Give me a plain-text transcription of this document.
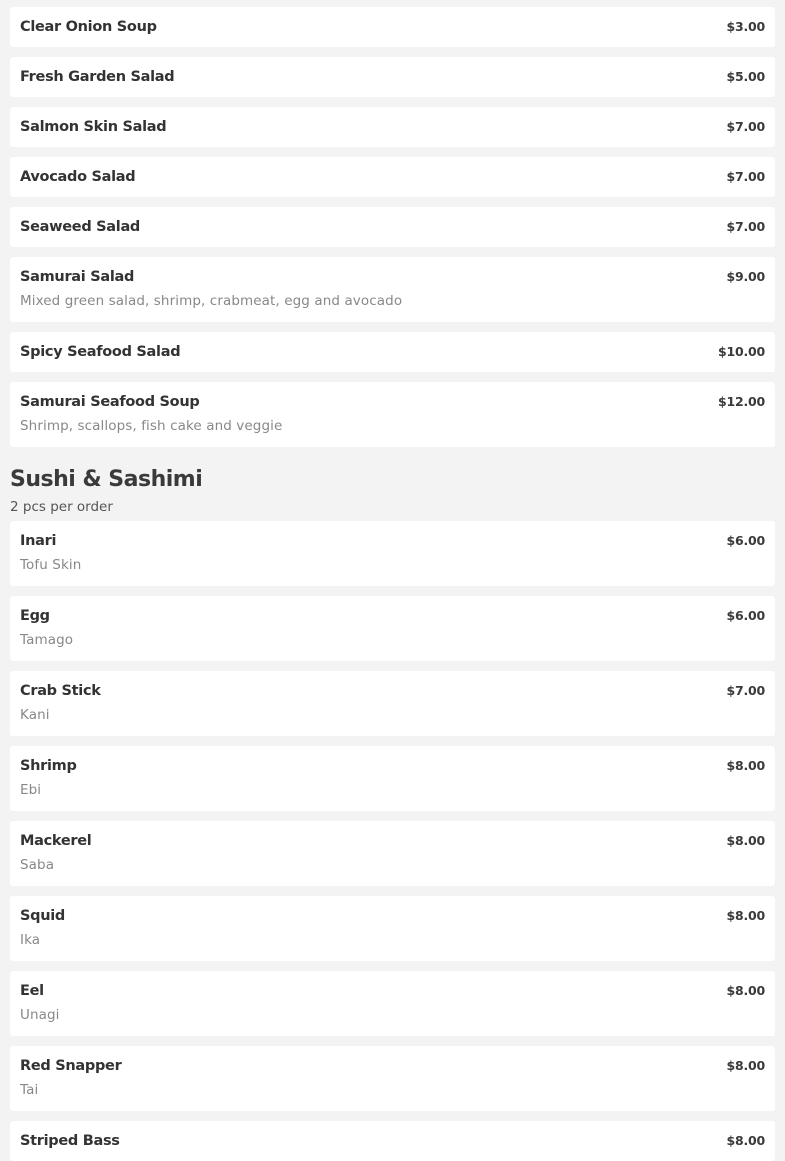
Clear Onion Soup	$3.00
Fresh Garden Salad	$5.00
Salmon Skin Salad	$7.00
Avocado Salad	$7.00
Seaweed Salad	$7.00
Samurai Salad	$9.00
Mixed green salad, shrimp, crabmeat, egg and avocado
Spicy Seafood Salad	$10.00
Samurai Seafood Soup	$12.00
Shrimp, scallops, fish cake and veggie
Sushi & Sashimi
2 pcs per order
Inari	$6.00
Tofu Skin
Egg	$6.00
Tamago
Crab Stick	$7.00
Kani
Shrimp	$8.00
Ebi
Mackerel	$8.00
Saba
Squid	$8.00
Ika
Eel	$8.00
Unagi
Red Snapper	$8.00
Tai
Striped Bass	$8.00
